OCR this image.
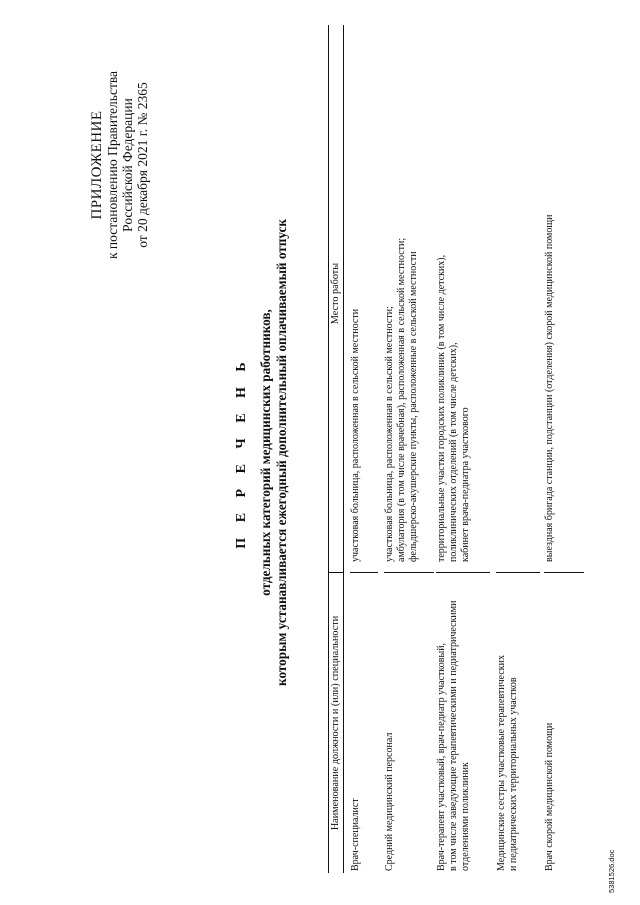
ПРИЛОЖЕНИЕ к постановлению Правительства Российской Федерации от 20 декабря 2021 г. № 2365
П Е Р Е Ч Е Н Ь отдельных категорий медицинских работников, которым устанавливается ежегодный дополнительный оплачиваемый отпуск
Наименование должности и (или) специальности
Место работы
Врач-специалист
участковая больница, расположенная в сельской местности
Средний медицинский персонал
участковая больница, расположенная в сельской местности; амбулатория (в том числе врачебная), расположенная в сельской местности; фельдшерско-акушерские пункты, расположенные в сельской местности
Врач-терапевт участковый, врач-педиатр участковый, в том числе заведующие терапевтическими и педиатрическими отделениями поликлиник
территориальные участки городских поликлиник (в том числе детских), поликлинических отделений (в том числе детских), кабинет врача-педиатра участкового
Медицинские сестры участковые терапевтических и педиатрических территориальных участков	Врач скорой медицинской помощи
выездная бригада станции, подстанции (отделения) скорой медицинской помощи
5381526.doc
